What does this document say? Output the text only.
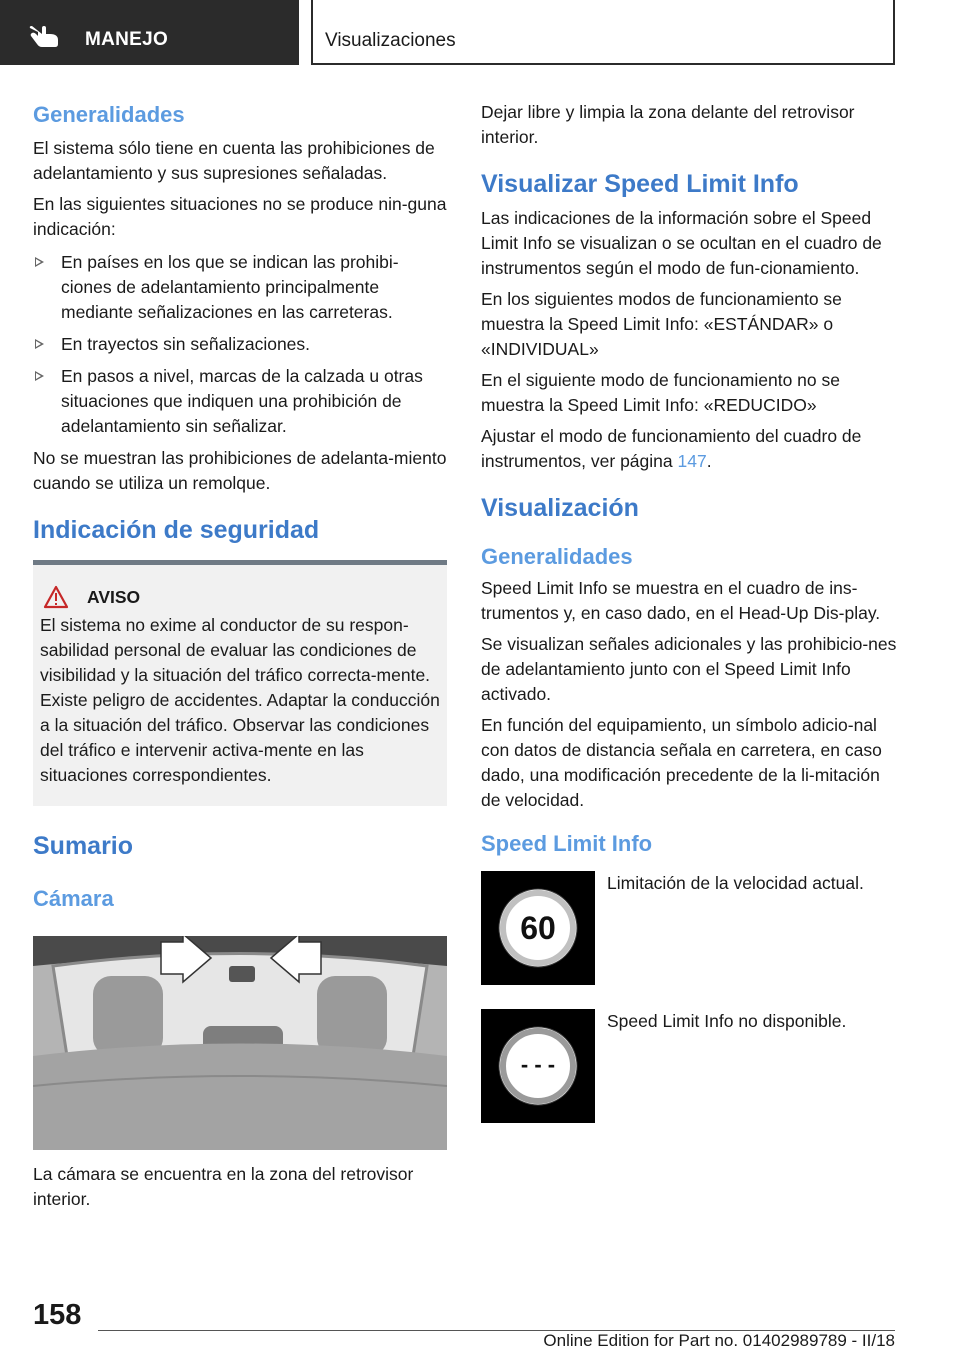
MANEJO	Visualizaciones
Generalidades

El sistema sólo tiene en cuenta las prohibiciones de adelantamiento y sus supresiones señaladas.

En las siguientes situaciones no se produce nin‐guna indicación:

En países en los que se indican las prohibi‐ciones de adelantamiento principalmente mediante señalizaciones en las carreteras.
En trayectos sin señalizaciones.
En pasos a nivel, marcas de la calzada u otras situaciones que indiquen una prohibición de adelantamiento sin señalizar.

No se muestran las prohibiciones de adelanta‐miento cuando se utiliza un remolque.

Indicación de seguridad
AVISO

El sistema no exime al conductor de su respon‐sabilidad personal de evaluar las condiciones de visibilidad y la situación del tráfico correcta‐mente. Existe peligro de accidentes. Adaptar la conducción a la situación del tráfico. Observar las condiciones del tráfico e intervenir activa‐mente en las situaciones correspondientes.

Sumario
Cámara

La cámara se encuentra en la zona del retrovisor interior.

Dejar libre y limpia la zona delante del retrovisor interior.

Visualizar Speed Limit Info

Las indicaciones de la información sobre el Speed Limit Info se visualizan o se ocultan en el cuadro de instrumentos según el modo de fun‐cionamiento.

En los siguientes modos de funcionamiento se muestra la Speed Limit Info: «ESTÁNDAR» o «INDIVIDUAL»

En el siguiente modo de funcionamiento no se muestra la Speed Limit Info: «REDUCIDO»

Ajustar el modo de funcionamiento del cuadro de instrumentos, ver página 147.

Visualización
Generalidades

Speed Limit Info se muestra en el cuadro de ins‐trumentos y, en caso dado, en el Head-Up Dis‐play.

Se visualizan señales adicionales y las prohibicio‐nes de adelantamiento junto con el Speed Limit Info activado.

En función del equipamiento, un símbolo adicio‐nal con datos de distancia señala en carretera, en caso dado, una modificación precedente de la li‐mitación de velocidad.

Speed Limit Info
60
Limitación de la velocidad actual.
- - -
Speed Limit Info no disponible.
158
Online Edition for Part no. 01402989789 - II/18
